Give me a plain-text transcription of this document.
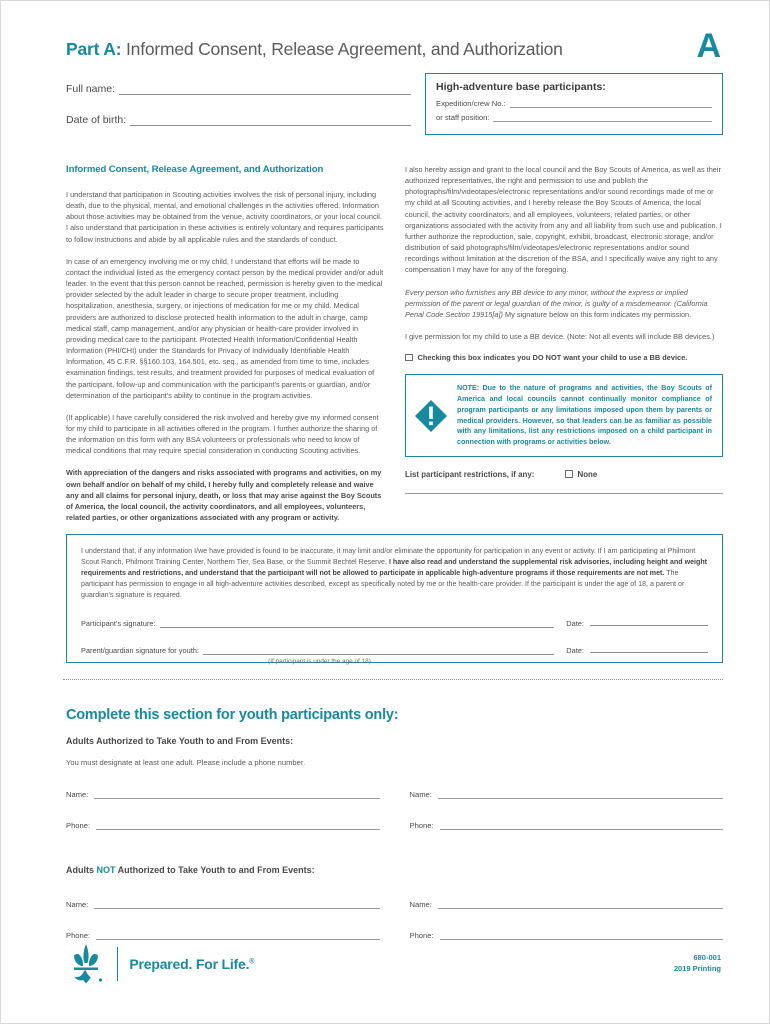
Part A: Informed Consent, Release Agreement, and Authorization	A
Full name:
Date of birth:
High-adventure base participants:
Expedition/crew No.:
or staff position:
Informed Consent, Release Agreement, and Authorization

I understand that participation in Scouting activities involves the risk of personal injury, including death, due to the physical, mental, and emotional challenges in the activities offered. Information about those activities may be obtained from the venue, activity coordinators, or your local council. I also understand that participation in these activities is entirely voluntary and requires participants to follow instructions and abide by all applicable rules and the standards of conduct.

In case of an emergency involving me or my child, I understand that efforts will be made to contact the individual listed as the emergency contact person by the medical provider and/or adult leader. In the event that this person cannot be reached, permission is hereby given to the medical provider selected by the adult leader in charge to secure proper treatment, including hospitalization, anesthesia, surgery, or injections of medication for me or my child. Medical providers are authorized to disclose protected health information to the adult in charge, camp medical staff, camp management, and/or any physician or health-care provider involved in providing medical care to the participant. Protected Health Information/Confidential Health Information (PHI/CHI) under the Standards for Privacy of Individually Identifiable Health Information, 45 C.F.R. §§160.103, 164.501, etc. seq., as amended from time to time, includes examination findings, test results, and treatment provided for purposes of medical evaluation of the participant, follow-up and communication with the participant's parents or guardian, and/or determination of the participant's ability to continue in the program activities.

(If applicable) I have carefully considered the risk involved and hereby give my informed consent for my child to participate in all activities offered in the program. I further authorize the sharing of the information on this form with any BSA volunteers or professionals who need to know of medical conditions that may require special consideration in conducting Scouting activities.

With appreciation of the dangers and risks associated with programs and activities, on my own behalf and/or on behalf of my child, I hereby fully and completely release and waive any and all claims for personal injury, death, or loss that may arise against the Boy Scouts of America, the local council, the activity coordinators, and all employees, volunteers, related parties, or other organizations associated with any program or activity.

I also hereby assign and grant to the local council and the Boy Scouts of America, as well as their authorized representatives, the right and permission to use and publish the photographs/film/videotapes/electronic representations and/or sound recordings made of me or my child at all Scouting activities, and I hereby release the Boy Scouts of America, the local council, the activity coordinators, and all employees, volunteers, related parties, or other organizations associated with the activity from any and all liability from such use and publication. I further authorize the reproduction, sale, copyright, exhibit, broadcast, electronic storage, and/or distribution of said photographs/film/videotapes/electronic representations and/or sound recordings without limitation at the discretion of the BSA, and I specifically waive any right to any compensation I may have for any of the foregoing.

Every person who furnishes any BB device to any minor, without the express or implied permission of the parent or legal guardian of the minor, is guilty of a misdemeanor. (California Penal Code Section 19915[a]) My signature below on this form indicates my permission.

I give permission for my child to use a BB device. (Note: Not all events will include BB devices.)

Checking this box indicates you DO NOT want your child to use a BB device.
NOTE: Due to the nature of programs and activities, the Boy Scouts of America and local councils cannot continually monitor compliance of program participants or any limitations imposed upon them by parents or medical providers. However, so that leaders can be as familiar as possible with any limitations, list any restrictions imposed on a child participant in connection with programs or activities below.
List participant restrictions, if any:	None
I understand that, if any information I/we have provided is found to be inaccurate, it may limit and/or eliminate the opportunity for participation in any event or activity. If I am participating at Philmont Scout Ranch, Philmont Training Center, Northern Tier, Sea Base, or the Summit Bechtel Reserve, I have also read and understand the supplemental risk advisories, including height and weight requirements and restrictions, and understand that the participant will not be allowed to participate in applicable high-adventure programs if those requirements are not met. The participant has permission to engage in all high-adventure activities described, except as specifically noted by me or the health-care provider. If the participant is under the age of 18, a parent or guardian's signature is required.
Participant's signature:	Date:
Parent/guardian signature for youth:	Date:
(If participant is under the age of 18)
Complete this section for youth participants only:
Adults Authorized to Take Youth to and From Events:
You must designate at least one adult. Please include a phone number.
Name:
Phone:
Name:
Phone:
Adults NOT Authorized to Take Youth to and From Events:
Name:
Phone:
Name:
Phone:
Prepared. For Life.®	680-001
2019 Printing
